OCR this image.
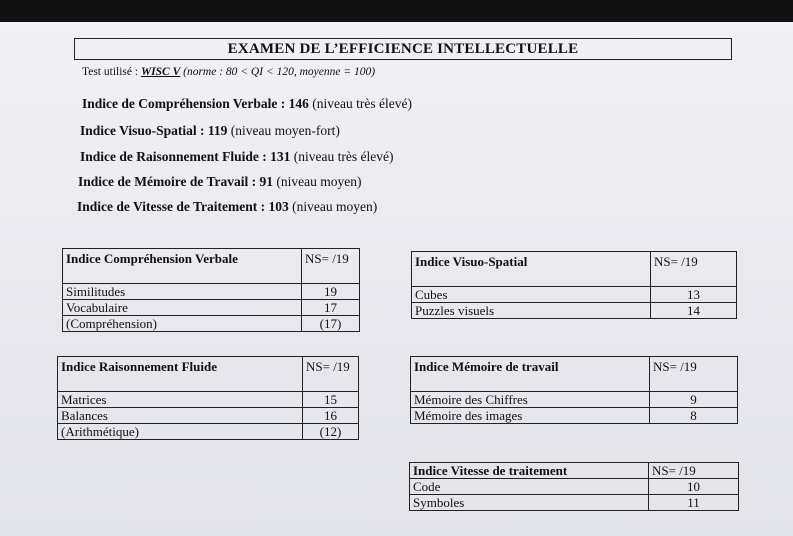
EXAMEN DE L’EFFICIENCE INTELLECTUELLE
Test utilisé : WISC V (norme : 80 < QI < 120, moyenne = 100)
Indice de Compréhension Verbale : 146 (niveau très élevé)
Indice Visuo-Spatial : 119 (niveau moyen-fort)
Indice de Raisonnement Fluide : 131 (niveau très élevé)
Indice de Mémoire de Travail : 91 (niveau moyen)
Indice de Vitesse de Traitement : 103 (niveau moyen)
Indice Compréhension Verbale	NS= /19
Similitudes	19
Vocabulaire	17
(Compréhension)	(17)
Indice Visuo-Spatial	NS= /19
Cubes	13
Puzzles visuels	14
Indice Raisonnement Fluide	NS= /19
Matrices	15
Balances	16
(Arithmétique)	(12)
Indice Mémoire de travail	NS= /19
Mémoire des Chiffres	9
Mémoire des images	8
Indice Vitesse de traitement	NS= /19
Code	10
Symboles	11
